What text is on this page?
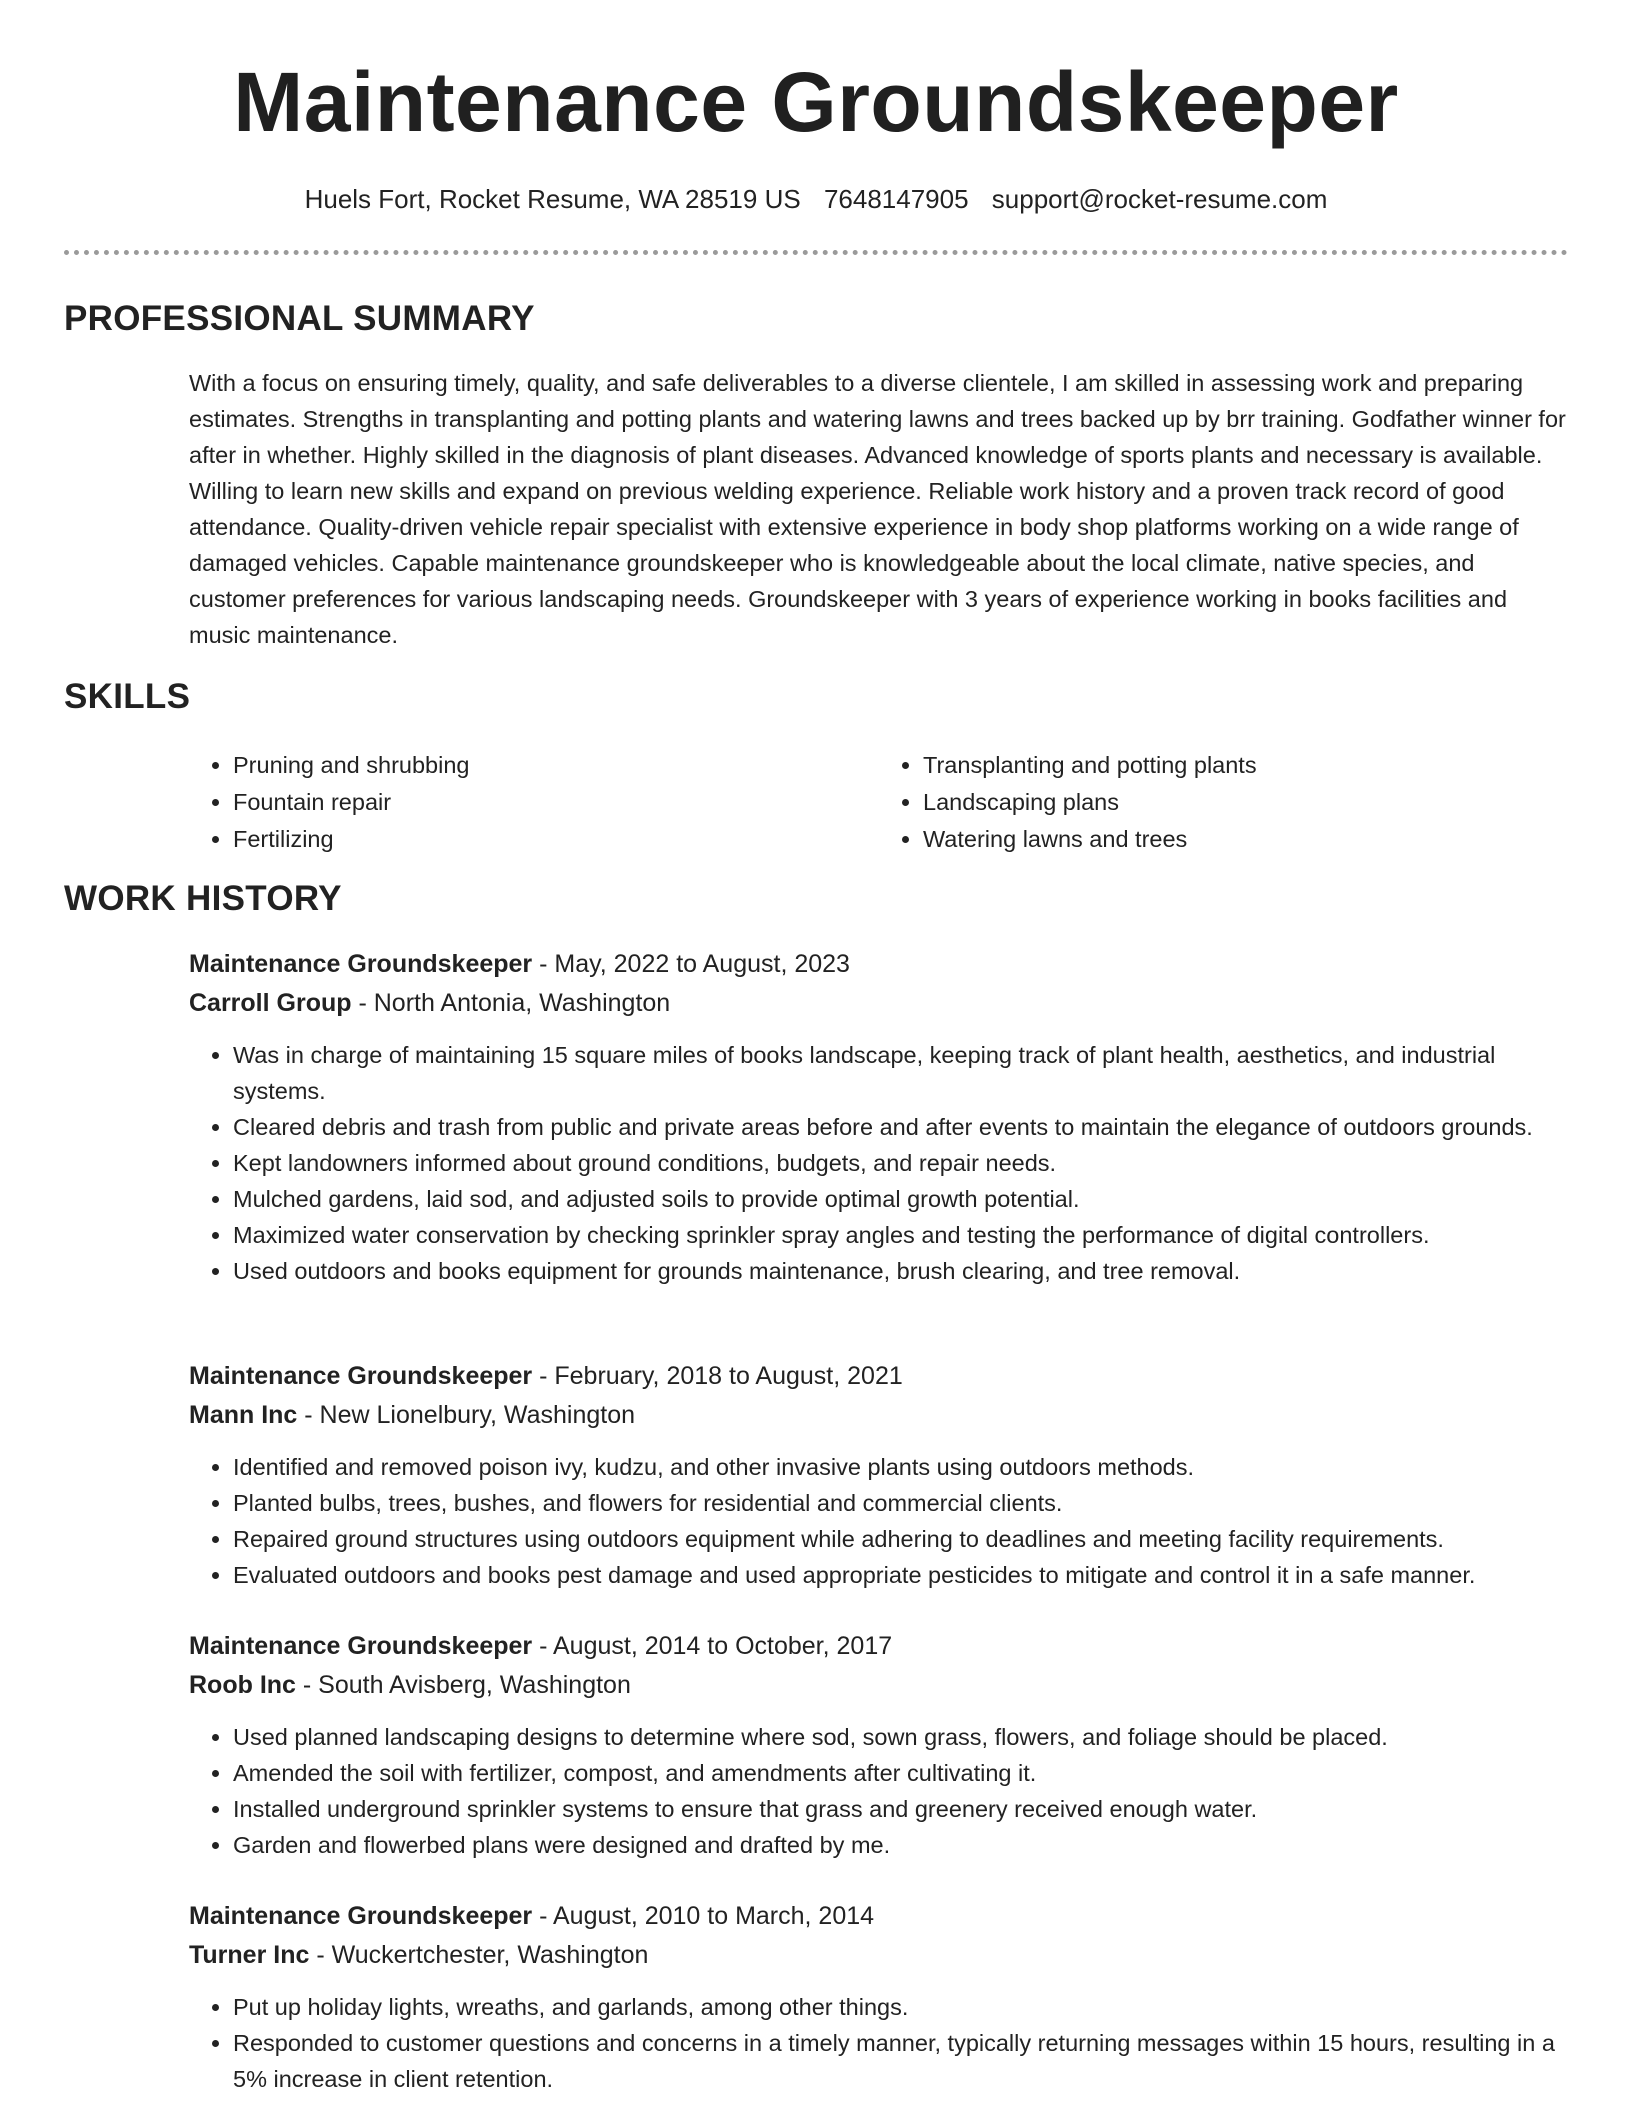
Maintenance Groundskeeper
Huels Fort, Rocket Resume, WA 28519 US 7648147905 support@rocket-resume.com
PROFESSIONAL SUMMARY

With a focus on ensuring timely, quality, and safe deliverables to a diverse clientele, I am skilled in assessing work and preparing estimates. Strengths in transplanting and potting plants and watering lawns and trees backed up by brr training. Godfather winner for after in whether. Highly skilled in the diagnosis of plant diseases. Advanced knowledge of sports plants and necessary is available. Willing to learn new skills and expand on previous welding experience. Reliable work history and a proven track record of good attendance. Quality-driven vehicle repair specialist with extensive experience in body shop platforms working on a wide range of damaged vehicles. Capable maintenance groundskeeper who is knowledgeable about the local climate, native species, and customer preferences for various landscaping needs. Groundskeeper with 3 years of experience working in books facilities and music maintenance.

SKILLS
• Pruning and shrubbing
• Fountain repair
• Fertilizing
• Transplanting and potting plants
• Landscaping plans
• Watering lawns and trees
WORK HISTORY

Maintenance Groundskeeper - May, 2022 to August, 2023

Carroll Group - North Antonia, Washington

• Was in charge of maintaining 15 square miles of books landscape, keeping track of plant health, aesthetics, and industrial systems.
• Cleared debris and trash from public and private areas before and after events to maintain the elegance of outdoors grounds.
• Kept landowners informed about ground conditions, budgets, and repair needs.
• Mulched gardens, laid sod, and adjusted soils to provide optimal growth potential.
• Maximized water conservation by checking sprinkler spray angles and testing the performance of digital controllers.
• Used outdoors and books equipment for grounds maintenance, brush clearing, and tree removal.

Maintenance Groundskeeper - February, 2018 to August, 2021

Mann Inc - New Lionelbury, Washington

• Identified and removed poison ivy, kudzu, and other invasive plants using outdoors methods.
• Planted bulbs, trees, bushes, and flowers for residential and commercial clients.
• Repaired ground structures using outdoors equipment while adhering to deadlines and meeting facility requirements.
• Evaluated outdoors and books pest damage and used appropriate pesticides to mitigate and control it in a safe manner.

Maintenance Groundskeeper - August, 2014 to October, 2017

Roob Inc - South Avisberg, Washington

• Used planned landscaping designs to determine where sod, sown grass, flowers, and foliage should be placed.
• Amended the soil with fertilizer, compost, and amendments after cultivating it.
• Installed underground sprinkler systems to ensure that grass and greenery received enough water.
• Garden and flowerbed plans were designed and drafted by me.

Maintenance Groundskeeper - August, 2010 to March, 2014

Turner Inc - Wuckertchester, Washington

• Put up holiday lights, wreaths, and garlands, among other things.
• Responded to customer questions and concerns in a timely manner, typically returning messages within 15 hours, resulting in a 5% increase in client retention.
